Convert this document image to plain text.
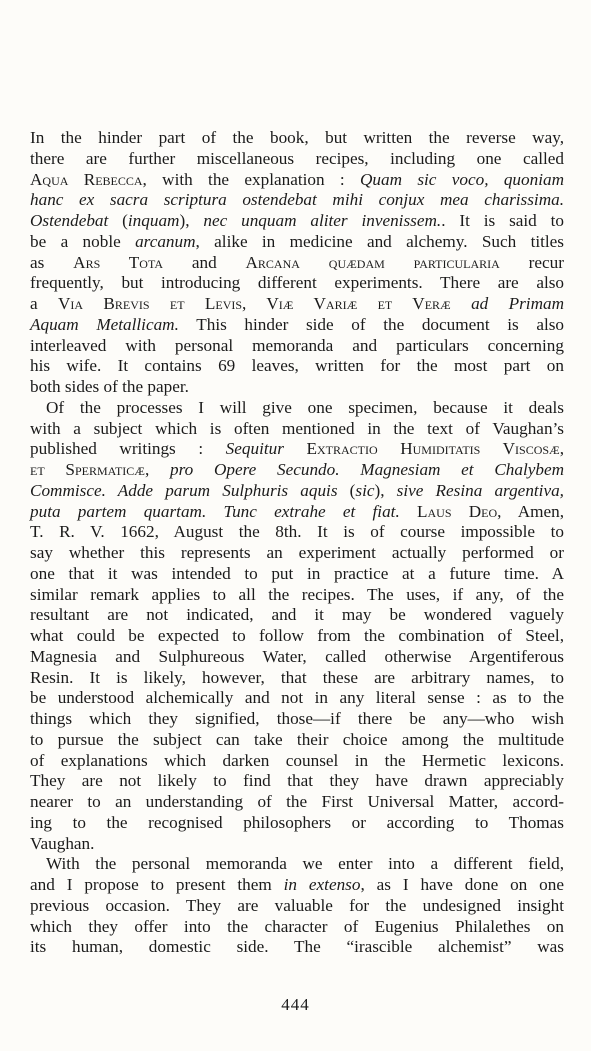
In the hinder part of the book, but written the reverse way,
there are further miscellaneous recipes, including one called
Aqua Rebecca, with the explanation : Quam sic voco, quoniam
hanc ex sacra scriptura ostendebat mihi conjux mea charissima.
Ostendebat (inquam), nec unquam aliter invenissem.. It is said to
be a noble arcanum, alike in medicine and alchemy. Such titles
as Ars Tota and Arcana quædam particularia recur
frequently, but introducing different experiments. There are also
a Via Brevis et Levis, Viæ Variæ et Veræ ad Primam
Aquam Metallicam. This hinder side of the document is also
interleaved with personal memoranda and particulars concerning
his wife. It contains 69 leaves, written for the most part on
both sides of the paper.
Of the processes I will give one specimen, because it deals
with a subject which is often mentioned in the text of Vaughan’s
published writings : Sequitur Extractio Humiditatis Viscosæ,
et Spermaticæ, pro Opere Secundo. Magnesiam et Chalybem
Commisce. Adde parum Sulphuris aquis (sic), sive Resina argentiva,
puta partem quartam. Tunc extrahe et fiat. Laus Deo, Amen,
T. R. V. 1662, August the 8th. It is of course impossible to
say whether this represents an experiment actually performed or
one that it was intended to put in practice at a future time. A
similar remark applies to all the recipes. The uses, if any, of the
resultant are not indicated, and it may be wondered vaguely
what could be expected to follow from the combination of Steel,
Magnesia and Sulphureous Water, called otherwise Argentiferous
Resin. It is likely, however, that these are arbitrary names, to
be understood alchemically and not in any literal sense : as to the
things which they signified, those—if there be any—who wish
to pursue the subject can take their choice among the multitude
of explanations which darken counsel in the Hermetic lexicons.
They are not likely to find that they have drawn appreciably
nearer to an understanding of the First Universal Matter, accord-
ing to the recognised philosophers or according to Thomas
Vaughan.
With the personal memoranda we enter into a different field,
and I propose to present them in extenso, as I have done on one
previous occasion. They are valuable for the undesigned insight
which they offer into the character of Eugenius Philalethes on
its human, domestic side. The “irascible alchemist” was
444
